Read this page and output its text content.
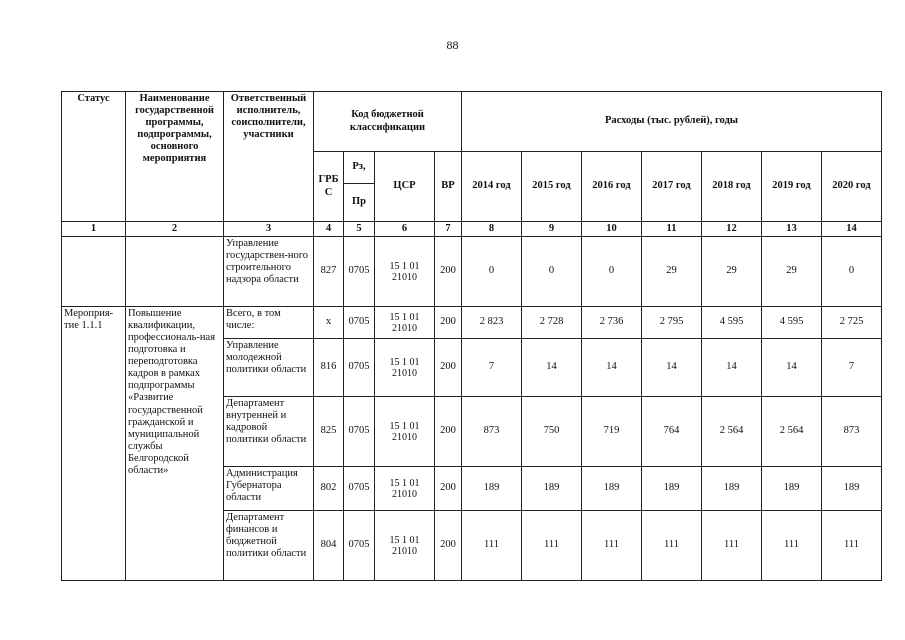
88
Статус	Наименование государственной программы, подпрограммы, основного мероприятия	Ответственный исполнитель, соисполнители, участники	Код бюджетной классификации				Расходы (тыс. рублей), годы						
			ГРБ С	Рз,	ЦСР	ВР	2014 год	2015 год	2016 год	2017 год	2018 год	2019 год	2020 год
				Пр									
1	2	3	4	5	6	7	8	9	10	11	12	13	14
		Управление государствен-ного строительного надзора области	827	0705	15 1 01 21010	200	0	0	0	29	29	29	0
Мероприя-тие 1.1.1	Повышение квалификации, профессиональ-ная подготовка и переподготовка кадров в рамках подпрограммы «Развитие государственной гражданской и муниципальной службы Белгородской области»	Всего, в том числе:	х	0705	15 1 01 21010	200	2 823	2 728	2 736	2 795	4 595	4 595	2 725
		Управление молодежной политики области	816	0705	15 1 01 21010	200	7	14	14	14	14	14	7
		Департамент внутренней и кадровой политики области	825	0705	15 1 01 21010	200	873	750	719	764	2 564	2 564	873
		Администрация Губернатора области	802	0705	15 1 01 21010	200	189	189	189	189	189	189	189
		Департамент финансов и бюджетной политики области	804	0705	15 1 01 21010	200	111	111	111	111	111	111	111
